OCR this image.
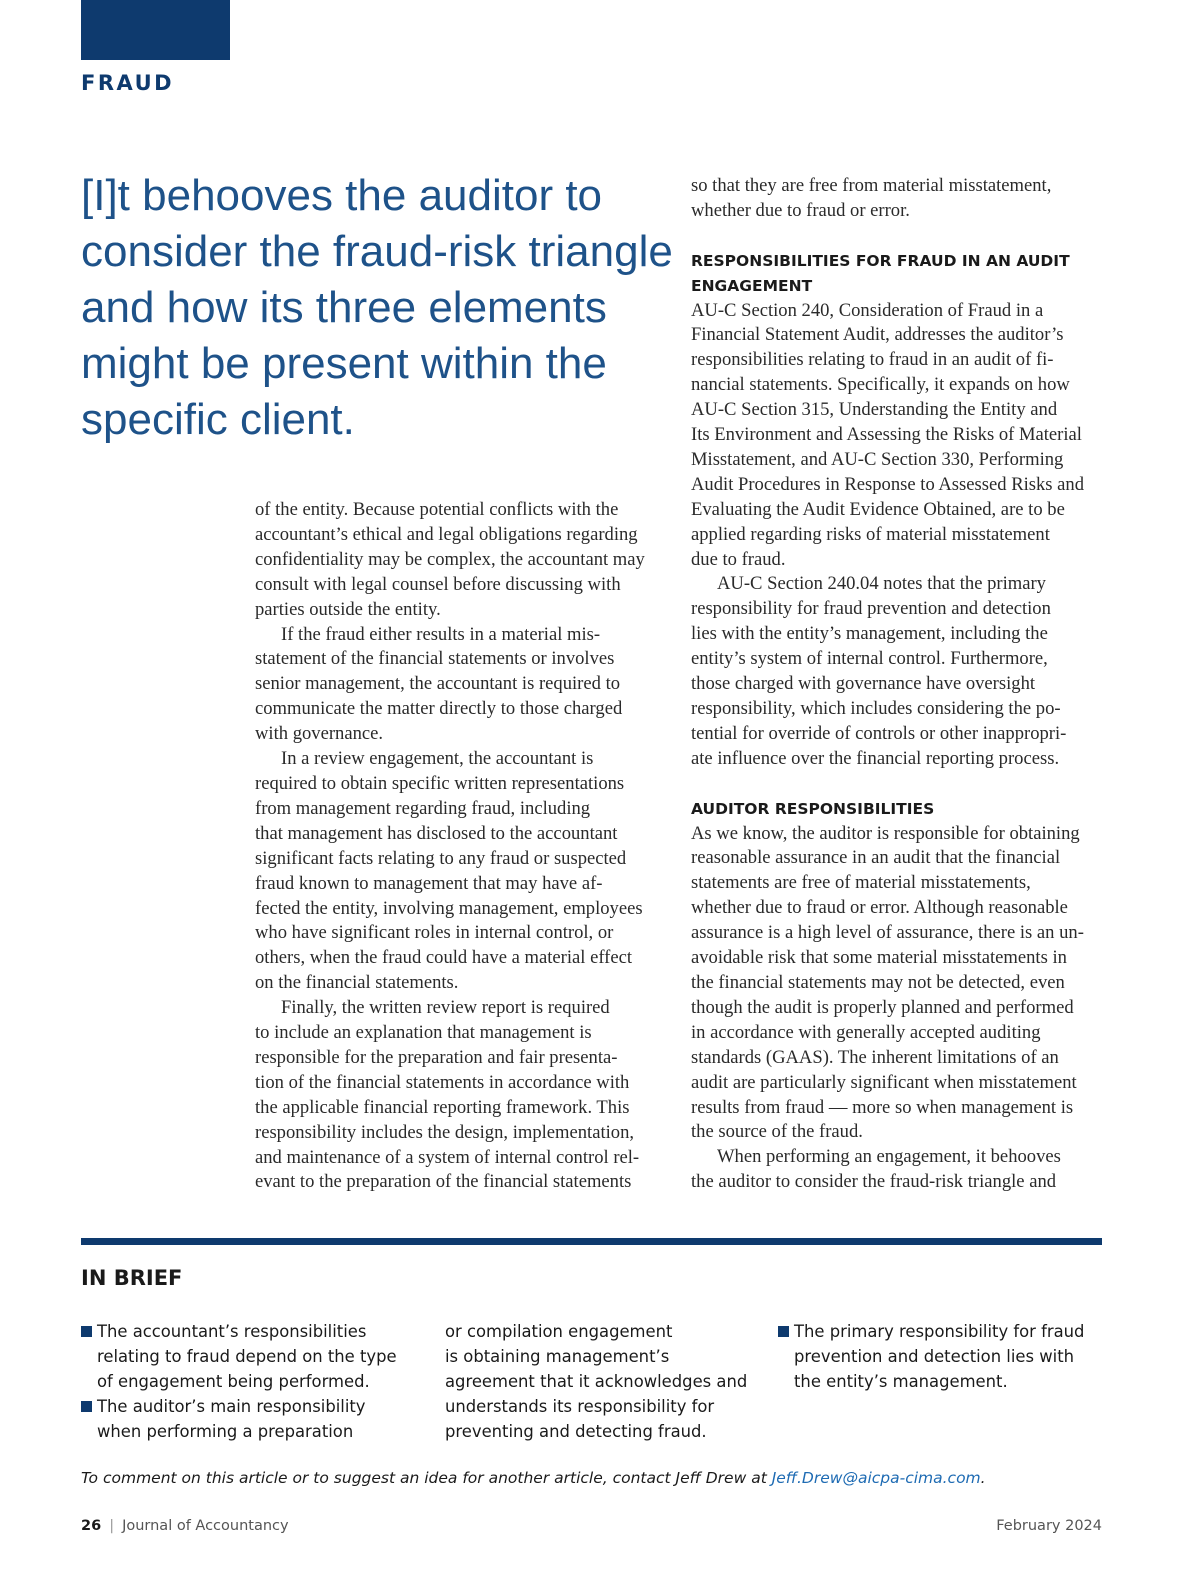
FRAUD
[I]t behooves the auditor to
consider the fraud-risk triangle
and how its three elements
might be present within the
specific client.
of the entity. Because potential conflicts with the
accountant’s ethical and legal obligations regarding
confidentiality may be complex, the accountant may
consult with legal counsel before discussing with
parties outside the entity.
If the fraud either results in a material mis-
statement of the financial statements or involves
senior management, the accountant is required to
communicate the matter directly to those charged
with governance.
In a review engagement, the accountant is
required to obtain specific written representations
from management regarding fraud, including
that management has disclosed to the accountant
significant facts relating to any fraud or suspected
fraud known to management that may have af-
fected the entity, involving management, employees
who have significant roles in internal control, or
others, when the fraud could have a material effect
on the financial statements.
Finally, the written review report is required
to include an explanation that management is
responsible for the preparation and fair presenta-
tion of the financial statements in accordance with
the applicable financial reporting framework. This
responsibility includes the design, implementation,
and maintenance of a system of internal control rel-
evant to the preparation of the financial statements
so that they are free from material misstatement,
whether due to fraud or error.
RESPONSIBILITIES FOR FRAUD IN AN AUDIT
ENGAGEMENT
AU-C Section 240, Consideration of Fraud in a
Financial Statement Audit, addresses the auditor’s
responsibilities relating to fraud in an audit of fi-
nancial statements. Specifically, it expands on how
AU-C Section 315, Understanding the Entity and
Its Environment and Assessing the Risks of Material
Misstatement, and AU-C Section 330, Performing
Audit Procedures in Response to Assessed Risks and
Evaluating the Audit Evidence Obtained, are to be
applied regarding risks of material misstatement
due to fraud.
AU-C Section 240.04 notes that the primary
responsibility for fraud prevention and detection
lies with the entity’s management, including the
entity’s system of internal control. Furthermore,
those charged with governance have oversight
responsibility, which includes considering the po-
tential for override of controls or other inappropri-
ate influence over the financial reporting process.
AUDITOR RESPONSIBILITIES
As we know, the auditor is responsible for obtaining
reasonable assurance in an audit that the financial
statements are free of material misstatements,
whether due to fraud or error. Although reasonable
assurance is a high level of assurance, there is an un-
avoidable risk that some material misstatements in
the financial statements may not be detected, even
though the audit is properly planned and performed
in accordance with generally accepted auditing
standards (GAAS). The inherent limitations of an
audit are particularly significant when misstatement
results from fraud — more so when management is
the source of the fraud.
When performing an engagement, it behooves
the auditor to consider the fraud-risk triangle and
IN BRIEF
The accountant’s responsibilities
relating to fraud depend on the type
of engagement being performed.
The auditor’s main responsibility
when performing a preparation
or compilation engagement
is obtaining management’s
agreement that it acknowledges and
understands its responsibility for
preventing and detecting fraud.
The primary responsibility for fraud
prevention and detection lies with
the entity’s management.
To comment on this article or to suggest an idea for another article, contact Jeff Drew at Jeff.Drew@aicpa-cima.com.
26 | Journal of Accountancy	February 2024
